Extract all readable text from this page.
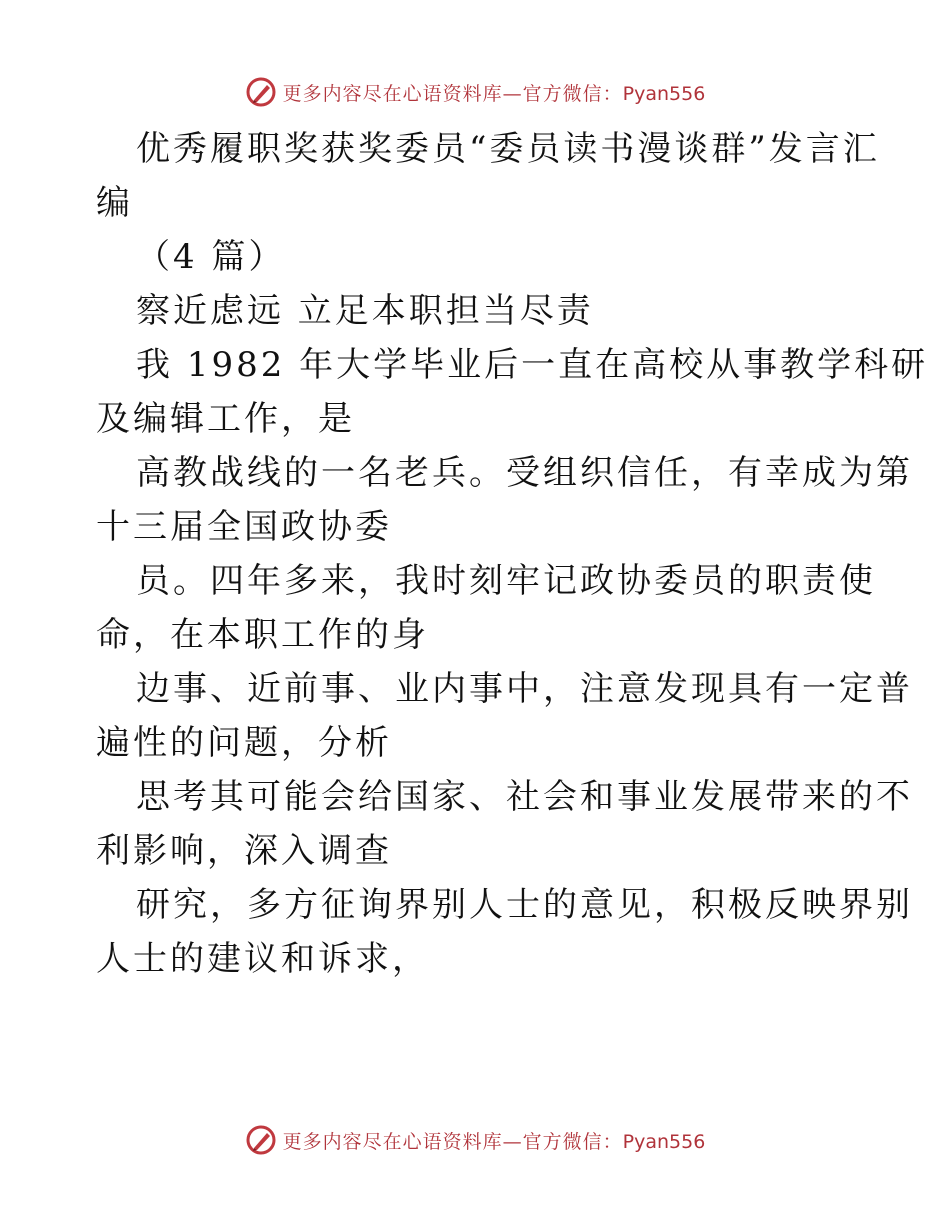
更多内容尽在心语资料库—官方微信：Pyan556
优秀履职奖获奖委员“委员读书漫谈群”发言汇
编
（4 篇）
察近虑远 立足本职担当尽责
我 1982 年大学毕业后一直在高校从事教学科研
及编辑工作，是
高教战线的一名老兵。受组织信任，有幸成为第
十三届全国政协委
员。四年多来，我时刻牢记政协委员的职责使
命，在本职工作的身
边事、近前事、业内事中，注意发现具有一定普
遍性的问题，分析
思考其可能会给国家、社会和事业发展带来的不
利影响，深入调查
研究，多方征询界别人士的意见，积极反映界别
人士的建议和诉求，
更多内容尽在心语资料库—官方微信：Pyan556
